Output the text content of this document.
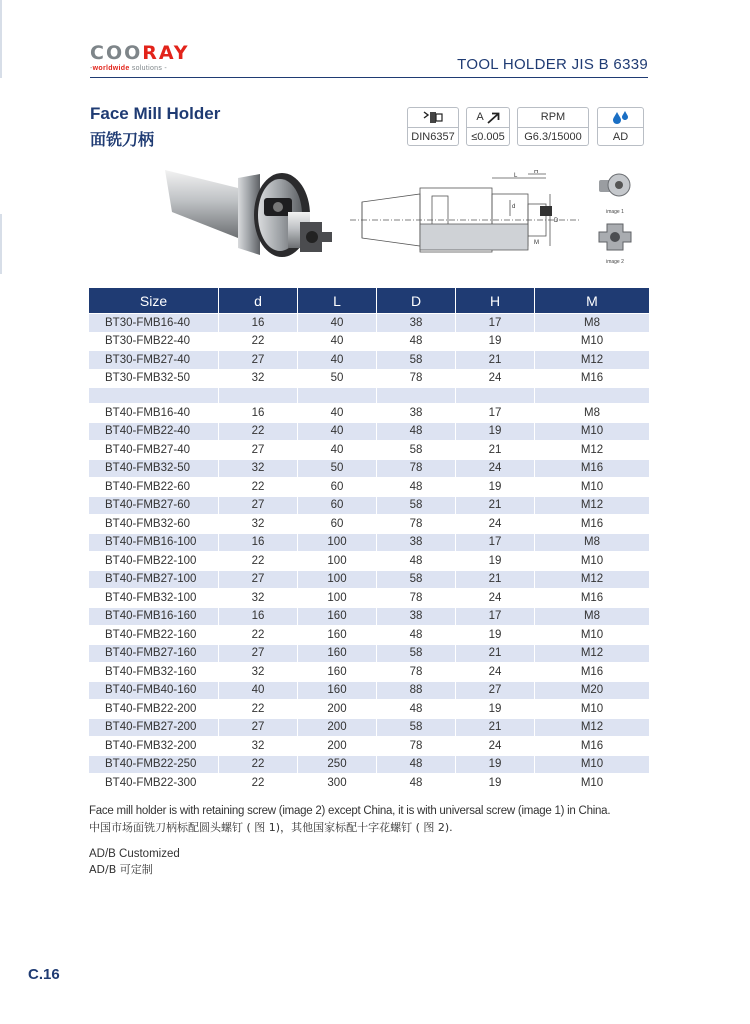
COORAY
-worldwide solutions -	TOOL HOLDER JIS B 6339
Face Mill Holder
面铣刀柄	DIN6357
A
≤0.005
RPM
G6.3/15000	AD
L
H
d
D
M
image 1
image 2
Size	d	L	D	H	M
BT30-FMB16-40	16	40	38	17	M8
BT30-FMB22-40	22	40	48	19	M10
BT30-FMB27-40	27	40	58	21	M12
BT30-FMB32-50	32	50	78	24	M16

BT40-FMB16-40	16	40	38	17	M8
BT40-FMB22-40	22	40	48	19	M10
BT40-FMB27-40	27	40	58	21	M12
BT40-FMB32-50	32	50	78	24	M16
BT40-FMB22-60	22	60	48	19	M10
BT40-FMB27-60	27	60	58	21	M12
BT40-FMB32-60	32	60	78	24	M16
BT40-FMB16-100	16	100	38	17	M8
BT40-FMB22-100	22	100	48	19	M10
BT40-FMB27-100	27	100	58	21	M12
BT40-FMB32-100	32	100	78	24	M16
BT40-FMB16-160	16	160	38	17	M8
BT40-FMB22-160	22	160	48	19	M10
BT40-FMB27-160	27	160	58	21	M12
BT40-FMB32-160	32	160	78	24	M16
BT40-FMB40-160	40	160	88	27	M20
BT40-FMB22-200	22	200	48	19	M10
BT40-FMB27-200	27	200	58	21	M12
BT40-FMB32-200	32	200	78	24	M16
BT40-FMB22-250	22	250	48	19	M10
BT40-FMB22-300	22	300	48	19	M10
Face mill holder is with retaining screw (image 2) except China, it is with universal screw (image 1) in China.
中国市场面铣刀柄标配圆头螺钉 ( 图 1)，其他国家标配十字花螺钉 ( 图 2).
AD/B Customized
AD/B 可定制
C.16
